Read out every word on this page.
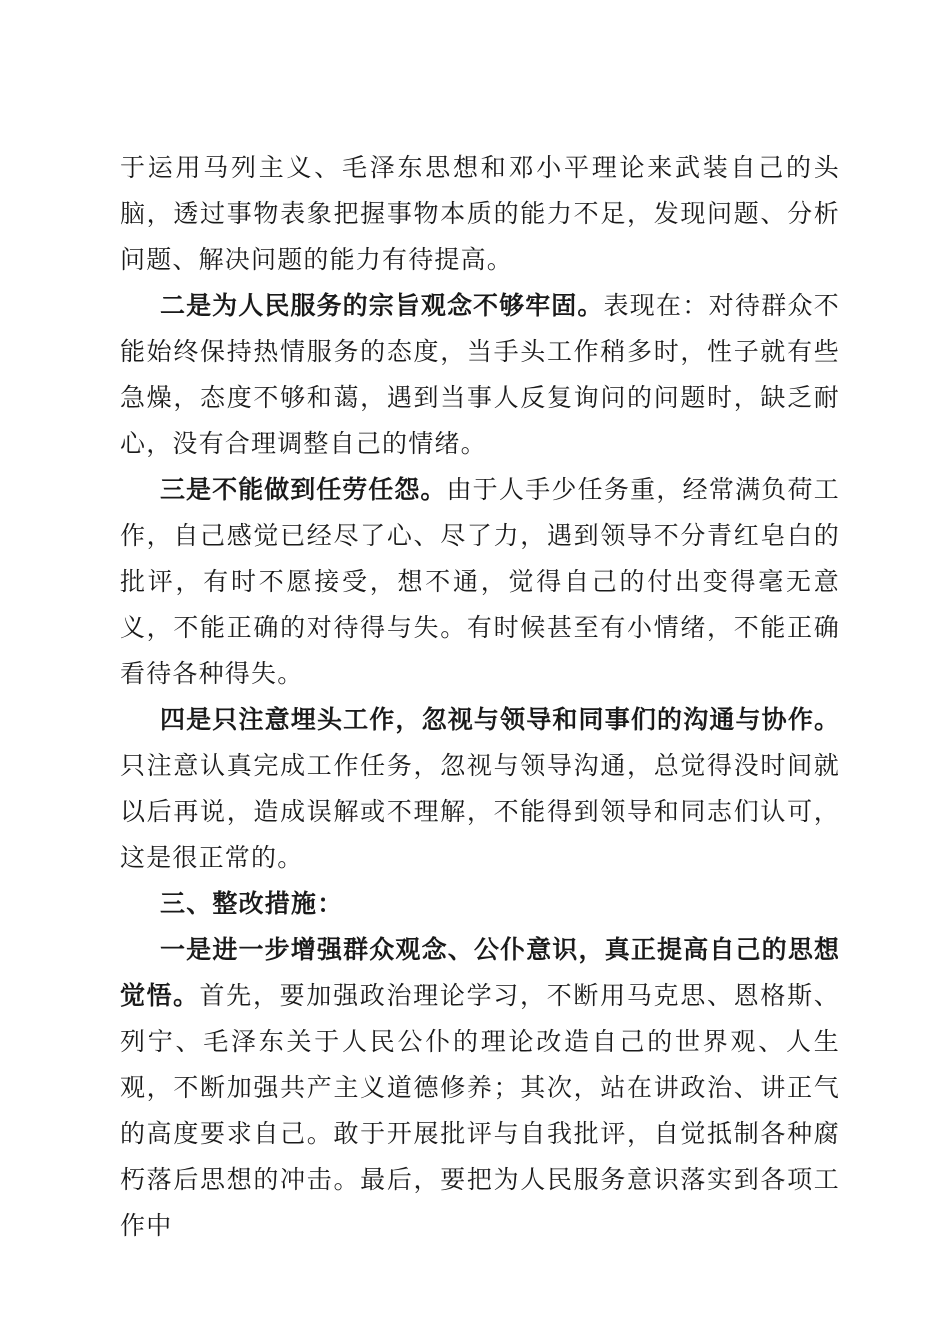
于运用马列主义、毛泽东思想和邓小平理论来武装自己的头脑，透过事物表象把握事物本质的能力不足，发现问题、分析问题、解决问题的能力有待提高。

二是为人民服务的宗旨观念不够牢固。表现在：对待群众不能始终保持热情服务的态度，当手头工作稍多时，性子就有些急燥，态度不够和蔼，遇到当事人反复询问的问题时，缺乏耐心，没有合理调整自己的情绪。

三是不能做到任劳任怨。由于人手少任务重，经常满负荷工作，自己感觉已经尽了心、尽了力，遇到领导不分青红皂白的批评，有时不愿接受，想不通，觉得自己的付出变得毫无意义，不能正确的对待得与失。有时候甚至有小情绪，不能正确看待各种得失。

四是只注意埋头工作，忽视与领导和同事们的沟通与协作。只注意认真完成工作任务，忽视与领导沟通，总觉得没时间就以后再说，造成误解或不理解，不能得到领导和同志们认可，这是很正常的。

三、整改措施：

一是进一步增强群众观念、公仆意识，真正提高自己的思想觉悟。首先，要加强政治理论学习，不断用马克思、恩格斯、列宁、毛泽东关于人民公仆的理论改造自己的世界观、人生观，不断加强共产主义道德修养；其次，站在讲政治、讲正气的高度要求自己。敢于开展批评与自我批评，自觉抵制各种腐朽落后思想的冲击。最后，要把为人民服务意识落实到各项工作中
